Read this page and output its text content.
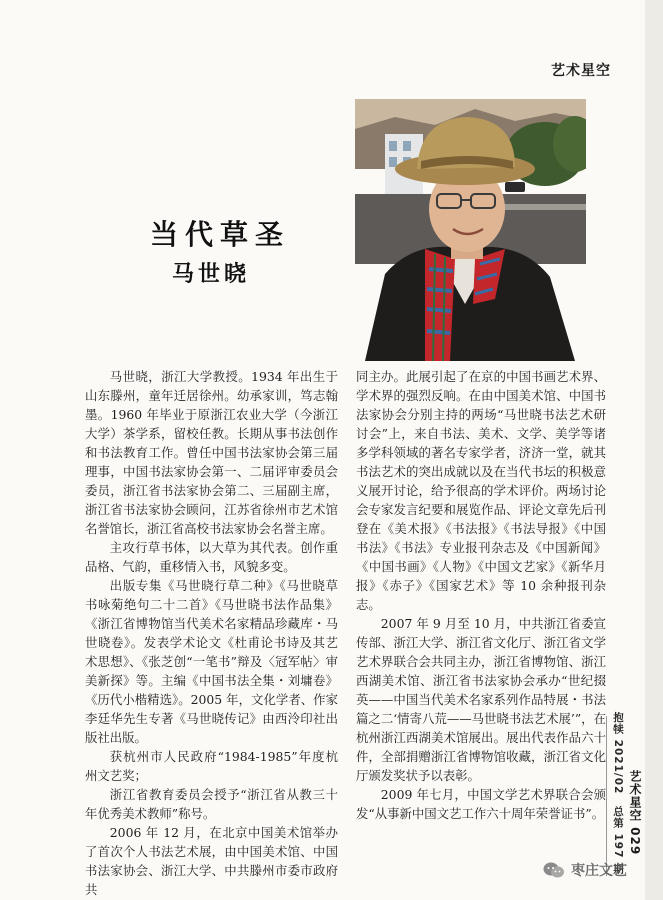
艺术星空
当代草圣
马世晓

马世晓，浙江大学教授。1934 年出生于山东滕州，童年迁居徐州。幼承家训，笃志翰墨。1960 年毕业于原浙江农业大学（今浙江大学）茶学系，留校任教。长期从事书法创作和书法教育工作。曾任中国书法家协会第三届理事，中国书法家协会第一、二届评审委员会委员，浙江省书法家协会第二、三届副主席，浙江省书法家协会顾问，江苏省徐州市艺术馆名誉馆长，浙江省高校书法家协会名誉主席。

主攻行草书体，以大草为其代表。创作重品格、气韵，重移情入书，风貌多变。

出版专集《马世晓行草二种》《马世晓草书咏菊绝句二十二首》《马世晓书法作品集》《浙江省博物馆当代美术名家精品珍藏库・马世晓卷》。发表学术论文《杜甫论书诗及其艺术思想》、《张芝创“一笔书”辩及〈冠军帖〉审美新探》等。主编《中国书法全集・刘墉卷》《历代小楷精选》。2005 年，文化学者、作家李廷华先生专著《马世晓传记》由西泠印社出版社出版。

获杭州市人民政府“1984-1985”年度杭州文艺奖；

浙江省教育委员会授予“浙江省从教三十年优秀美术教师”称号。

2006 年 12 月，在北京中国美术馆举办了首次个人书法艺术展，由中国美术馆、中国书法家协会、浙江大学、中共滕州市委市政府共

同主办。此展引起了在京的中国书画艺术界、学术界的强烈反响。在由中国美术馆、中国书法家协会分别主持的两场“马世晓书法艺术研讨会”上，来自书法、美术、文学、美学等诸多学科领域的著名专家学者，济济一堂，就其书法艺术的突出成就以及在当代书坛的积极意义展开讨论，给予很高的学术评价。两场讨论会专家发言纪要和展览作品、评论文章先后刊登在《美术报》《书法报》《书法导报》《中国书法》《书法》专业报刊杂志及《中国新闻》《中国书画》《人物》《中国文艺家》《新华月报》《赤子》《国家艺术》等 10 余种报刊杂志。

2007 年 9 月至 10 月，中共浙江省委宣传部、浙江大学、浙江省文化厅、浙江省文学艺术界联合会共同主办，浙江省博物馆、浙江西湖美术馆、浙江省书法家协会承办“世纪掇英——中国当代美术名家系列作品特展・书法篇之二‘情寄八荒——马世晓书法艺术展’”，在杭州浙江西湖美术馆展出。展出代表作品六十件，全部捐赠浙江省博物馆收藏，浙江省文化厅颁发奖状予以表彰。

2009 年七月，中国文学艺术界联合会颁发“从事新中国文艺工作六十周年荣誉证书”。 抱犊 2021/02　总第 197 期 艺术星空 029
枣庄文艺
